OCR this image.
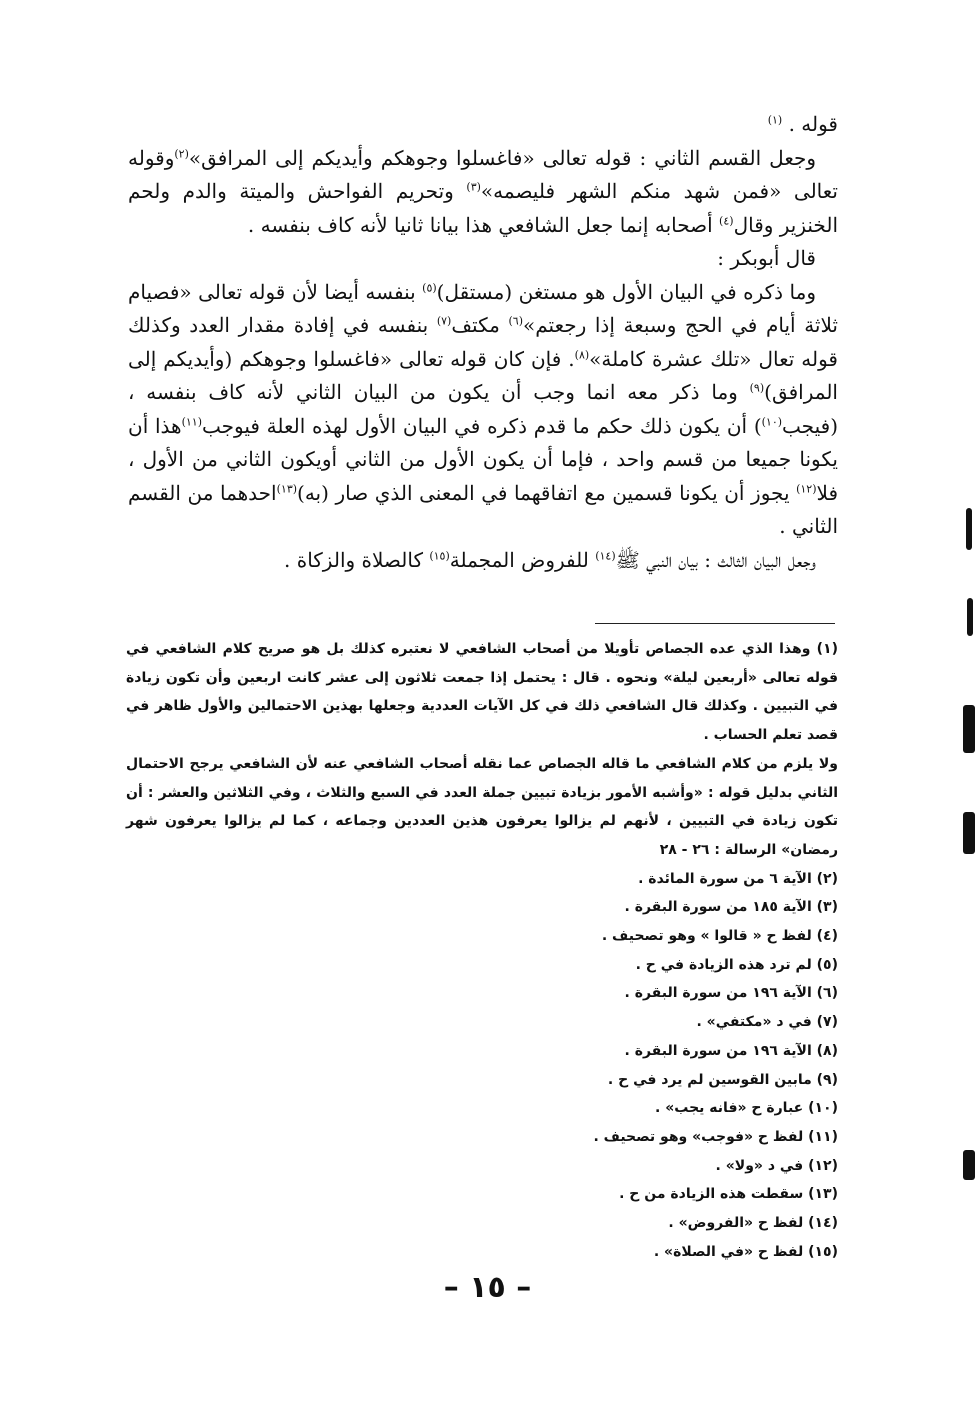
قوله . $^{(١)}$

وجعل القسم الثاني : قوله تعالى «فاغسلوا وجوهكم وأيديكم إلى المرافق»$^{(٢)}$وقوله تعالى «فمن شهد منكم الشهر فليصمه»$^{(٣)}$ وتحريم الفواحش والميتة والدم ولحم الخنزير وقال$^{(٤)}$ أصحابه إنما جعل الشافعي هذا بيانا ثانيا لأنه كاف بنفسه .

قال أبوبكر :

وما ذكره في البيان الأول هو مستغن (مستقل)$^{(٥)}$ بنفسه أيضا لأن قوله تعالى «فصيام ثلاثة أيام في الحج وسبعة إذا رجعتم»$^{(٦)}$ مكتف$^{(٧)}$ بنفسه في إفادة مقدار العدد وكذلك قوله تعال «تلك عشرة كاملة»$^{(٨)}$. فإن كان قوله تعالى «فاغسلوا وجوهكم (وأيديكم إلى المرافق)$^{(٩)}$ وما ذكر معه انما وجب أن يكون من البيان الثاني لأنه كاف بنفسه ، (فيجب$^{(١٠)}$) أن يكون ذلك حكم ما قدم ذكره في البيان الأول لهذه العلة فيوجب$^{(١١)}$هذا أن يكونا جميعا من قسم واحد ، فإما أن يكون الأول من الثاني أويكون الثاني من الأول ، فلا$^{(١٢)}$ يجوز أن يكونا قسمين مع اتفاقهما في المعنى الذي صار (به)$^{(١٣)}$احدهما من القسم الثاني .

وجعل البيان الثالث : بيان النبي ﷺ$^{(١٤)}$ للفروض المجملة$^{(١٥)}$ كالصلاة والزكاة .

(١) وهذا الذي عده الجصاص تأويلا من أصحاب الشافعي لا نعتبره كذلك بل هو صريح كلام الشافعي في قوله تعالى «أربعين ليلة» ونحوه . قال : يحتمل إذا جمعت ثلاثون إلى عشر كانت اربعين وأن تكون زيادة في التبيين . وكذلك قال الشافعي ذلك في كل الآيات العددية وجعلها بهذين الاحتمالين والأول ظاهر في قصد تعلم الحساب .

ولا يلزم من كلام الشافعي ما قاله الجصاص عما نقله أصحاب الشافعي عنه لأن الشافعي يرجح الاحتمال الثاني بدليل قوله : «وأشبه الأمور بزيادة تبيين جملة العدد في السبع والثلاث ، وفي الثلاثين والعشر : أن تكون زيادة في التبيين ، لأنهم لم يزالوا يعرفون هذين العددين وجماعه ، كما لم يزالوا يعرفون شهر رمضان» الرسالة : ٢٦ - ٢٨

(٢) الآية ٦ من سورة المائدة .

(٣) الآية ١٨٥ من سورة البقرة .

(٤) لفظ ح « قالوا » وهو تصحيف .

(٥) لم ترد هذه الزيادة في ح .

(٦) الآية ١٩٦ من سورة البقرة .

(٧) في د «مكتفي» .

(٨) الآية ١٩٦ من سورة البقرة .

(٩) مابين القوسين لم يرد في ح .

(١٠) عبارة ح «فانه يجب» .

(١١) لفظ ح «فوجب» وهو تصحيف .

(١٢) في د «ولا» .

(١٣) سقطت هذه الزيادة من ح .

(١٤) لفظ ح «الفروض» .

(١٥) لفظ ح «في الصلاة» .

– ١٥ –
